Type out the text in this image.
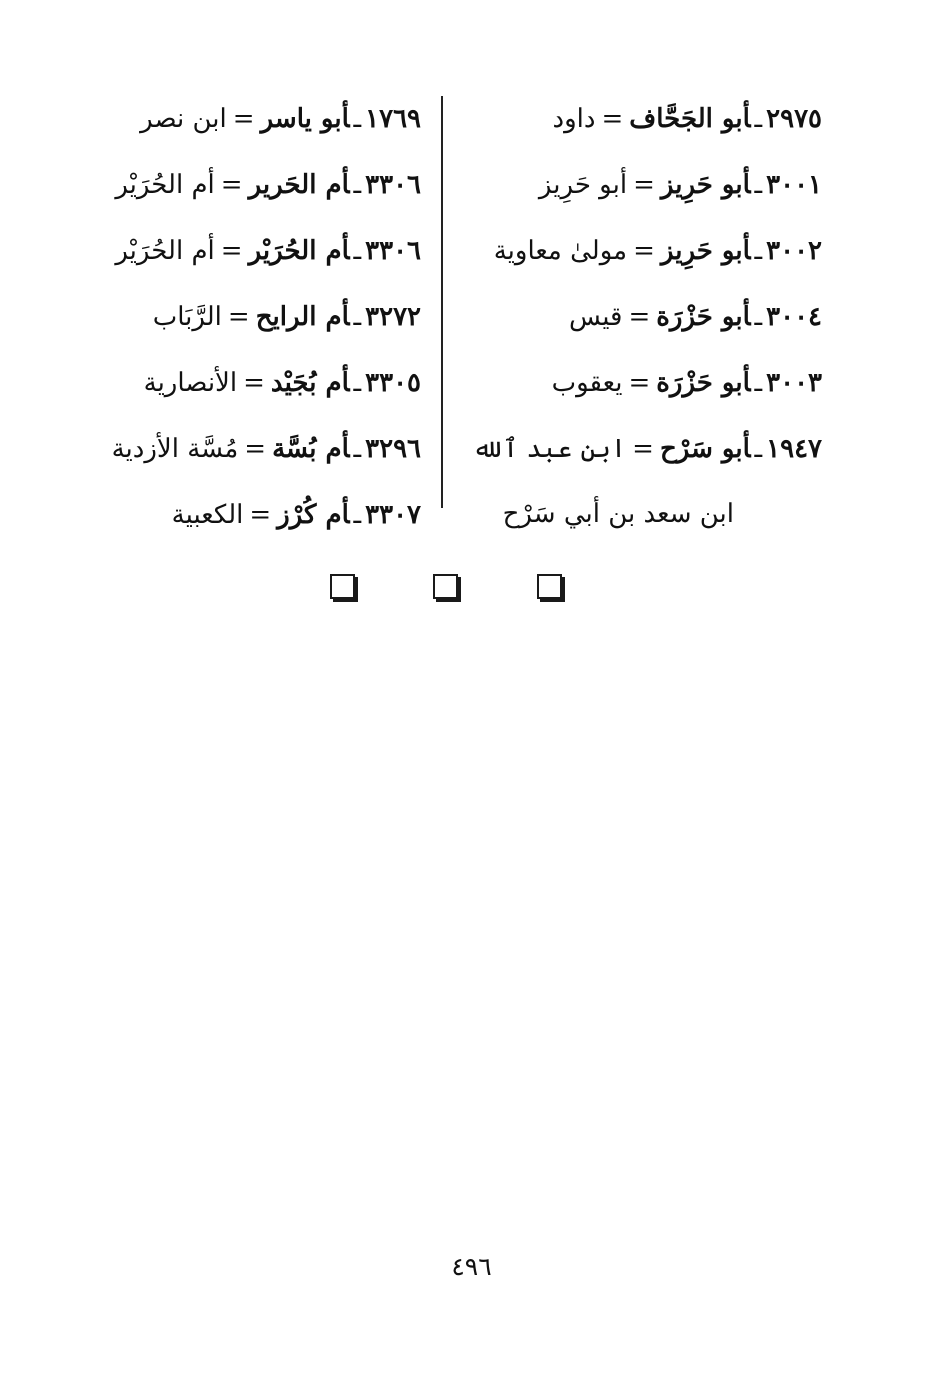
٢٩٧٥ـأبو الجَحَّاف=داود
٣٠٠١ـأبو حَرِيز=أبو حَرِيز
٣٠٠٢ـأبو حَرِيز=مولىٰ معاوية
٣٠٠٤ـأبو حَزْرَة=قيس
٣٠٠٣ـأبو حَزْرَة=يعقوب
١٩٤٧ـأبو سَرْح=ابن عبد ٱلله
ابن سعد بن أبي سَرْح
١٧٦٩ـأبو ياسر=ابن نصر
٣٣٠٦ـأم الحَرير=أم الحُرَيْر
٣٣٠٦ـأم الحُرَيْر=أم الحُرَيْر
٣٢٧٢ـأم الرايح=الرَّبَاب
٣٣٠٥ـأم بُجَيْد=الأنصارية
٣٢٩٦ـأم بُسَّة=مُسَّة الأزدية
٣٣٠٧ـأم كُرْز=الكعبية
٤٩٦
